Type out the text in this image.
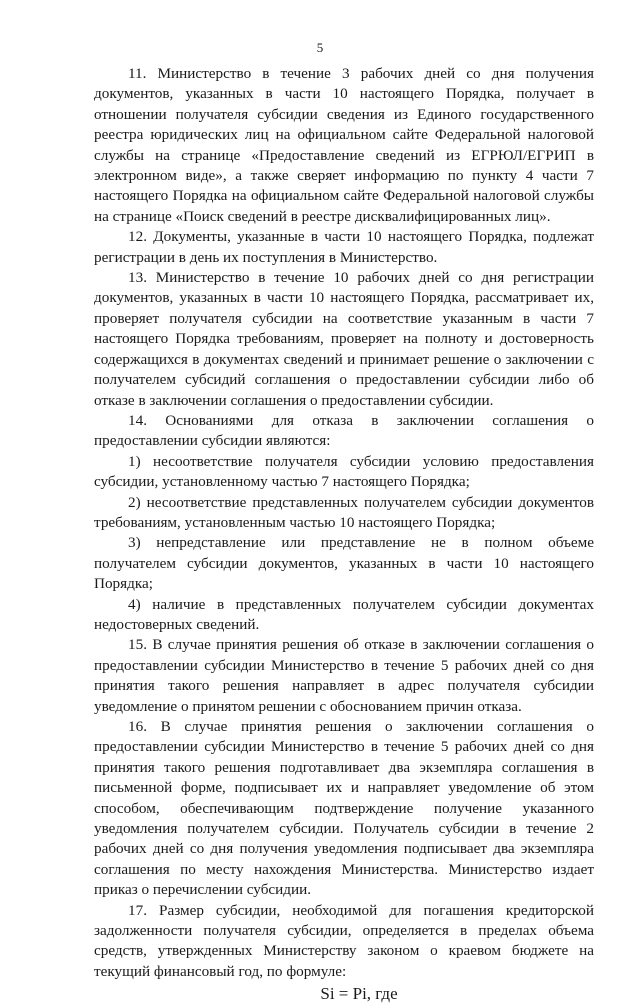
5

11. Министерство в течение 3 рабочих дней со дня получения документов, указанных в части 10 настоящего Порядка, получает в отношении получателя субсидии сведения из Единого государственного реестра юридических лиц на официальном сайте Федеральной налоговой службы на странице «Предоставление сведений из ЕГРЮЛ/ЕГРИП в электронном виде», а также сверяет информацию по пункту 4 части 7 настоящего Порядка на официальном сайте Федеральной налоговой службы на странице «Поиск сведений в реестре дисквалифицированных лиц».

12. Документы, указанные в части 10 настоящего Порядка, подлежат регистрации в день их поступления в Министерство.

13. Министерство в течение 10 рабочих дней со дня регистрации документов, указанных в части 10 настоящего Порядка, рассматривает их, проверяет получателя субсидии на соответствие указанным в части 7 настоящего Порядка требованиям, проверяет на полноту и достоверность содержащихся в документах сведений и принимает решение о заключении с получателем субсидий соглашения о предоставлении субсидии либо об отказе в заключении соглашения о предоставлении субсидии.

14. Основаниями для отказа в заключении соглашения о предоставлении субсидии являются:

1) несоответствие получателя субсидии условию предоставления субсидии, установленному частью 7 настоящего Порядка;

2) несоответствие представленных получателем субсидии документов требованиям, установленным частью 10 настоящего Порядка;

3) непредставление или представление не в полном объеме получателем субсидии документов, указанных в части 10 настоящего Порядка;

4) наличие в представленных получателем субсидии документах недостоверных сведений.

15. В случае принятия решения об отказе в заключении соглашения о предоставлении субсидии Министерство в течение 5 рабочих дней со дня принятия такого решения направляет в адрес получателя субсидии уведомление о принятом решении с обоснованием причин отказа.

16. В случае принятия решения о заключении соглашения о предоставлении субсидии Министерство в течение 5 рабочих дней со дня принятия такого решения подготавливает два экземпляра соглашения в письменной форме, подписывает их и направляет уведомление об этом способом, обеспечивающим подтверждение получение указанного уведомления получателем субсидии. Получатель субсидии в течение 2 рабочих дней со дня получения уведомления подписывает два экземпляра соглашения по месту нахождения Министерства. Министерство издает приказ о перечислении субсидии.

17. Размер субсидии, необходимой для погашения кредиторской задолженности получателя субсидии, определяется в пределах объема средств, утвержденных Министерству законом о краевом бюджете на текущий финансовый год, по формуле:

Si = Pi, где
